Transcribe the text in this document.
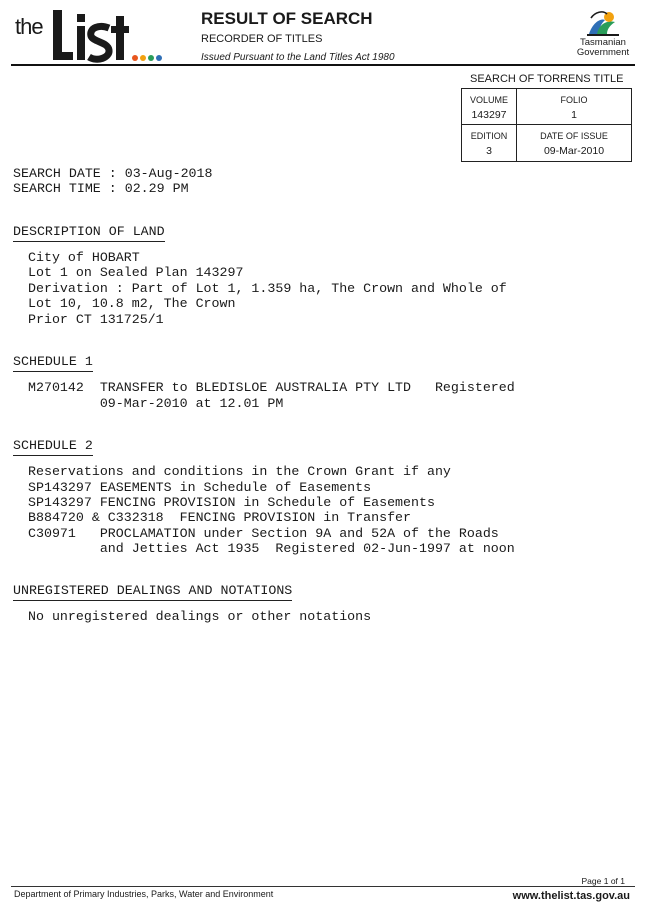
the	RESULT OF SEARCH
RECORDER OF TITLES
Issued Pursuant to the Land Titles Act 1980
Tasmanian
Government
SEARCH OF TORRENS TITLE
VOLUME
143297
FOLIO
1
EDITION
3
DATE OF ISSUE
09-Mar-2010
SEARCH DATE : 03-Aug-2018
SEARCH TIME : 02.29 PM
DESCRIPTION OF LAND
City of HOBART
Lot 1 on Sealed Plan 143297
Derivation : Part of Lot 1, 1.359 ha, The Crown and Whole of
Lot 10, 10.8 m2, The Crown
Prior CT 131725/1
SCHEDULE 1
M270142  TRANSFER to BLEDISLOE AUSTRALIA PTY LTD   Registered
09-Mar-2010 at 12.01 PM
SCHEDULE 2
Reservations and conditions in the Crown Grant if any
SP143297 EASEMENTS in Schedule of Easements
SP143297 FENCING PROVISION in Schedule of Easements
B884720 & C332318  FENCING PROVISION in Transfer
C30971   PROCLAMATION under Section 9A and 52A of the Roads
and Jetties Act 1935  Registered 02-Jun-1997 at noon
UNREGISTERED DEALINGS AND NOTATIONS
No unregistered dealings or other notations
Page 1 of 1
Department of Primary Industries, Parks, Water and Environment	www.thelist.tas.gov.au
